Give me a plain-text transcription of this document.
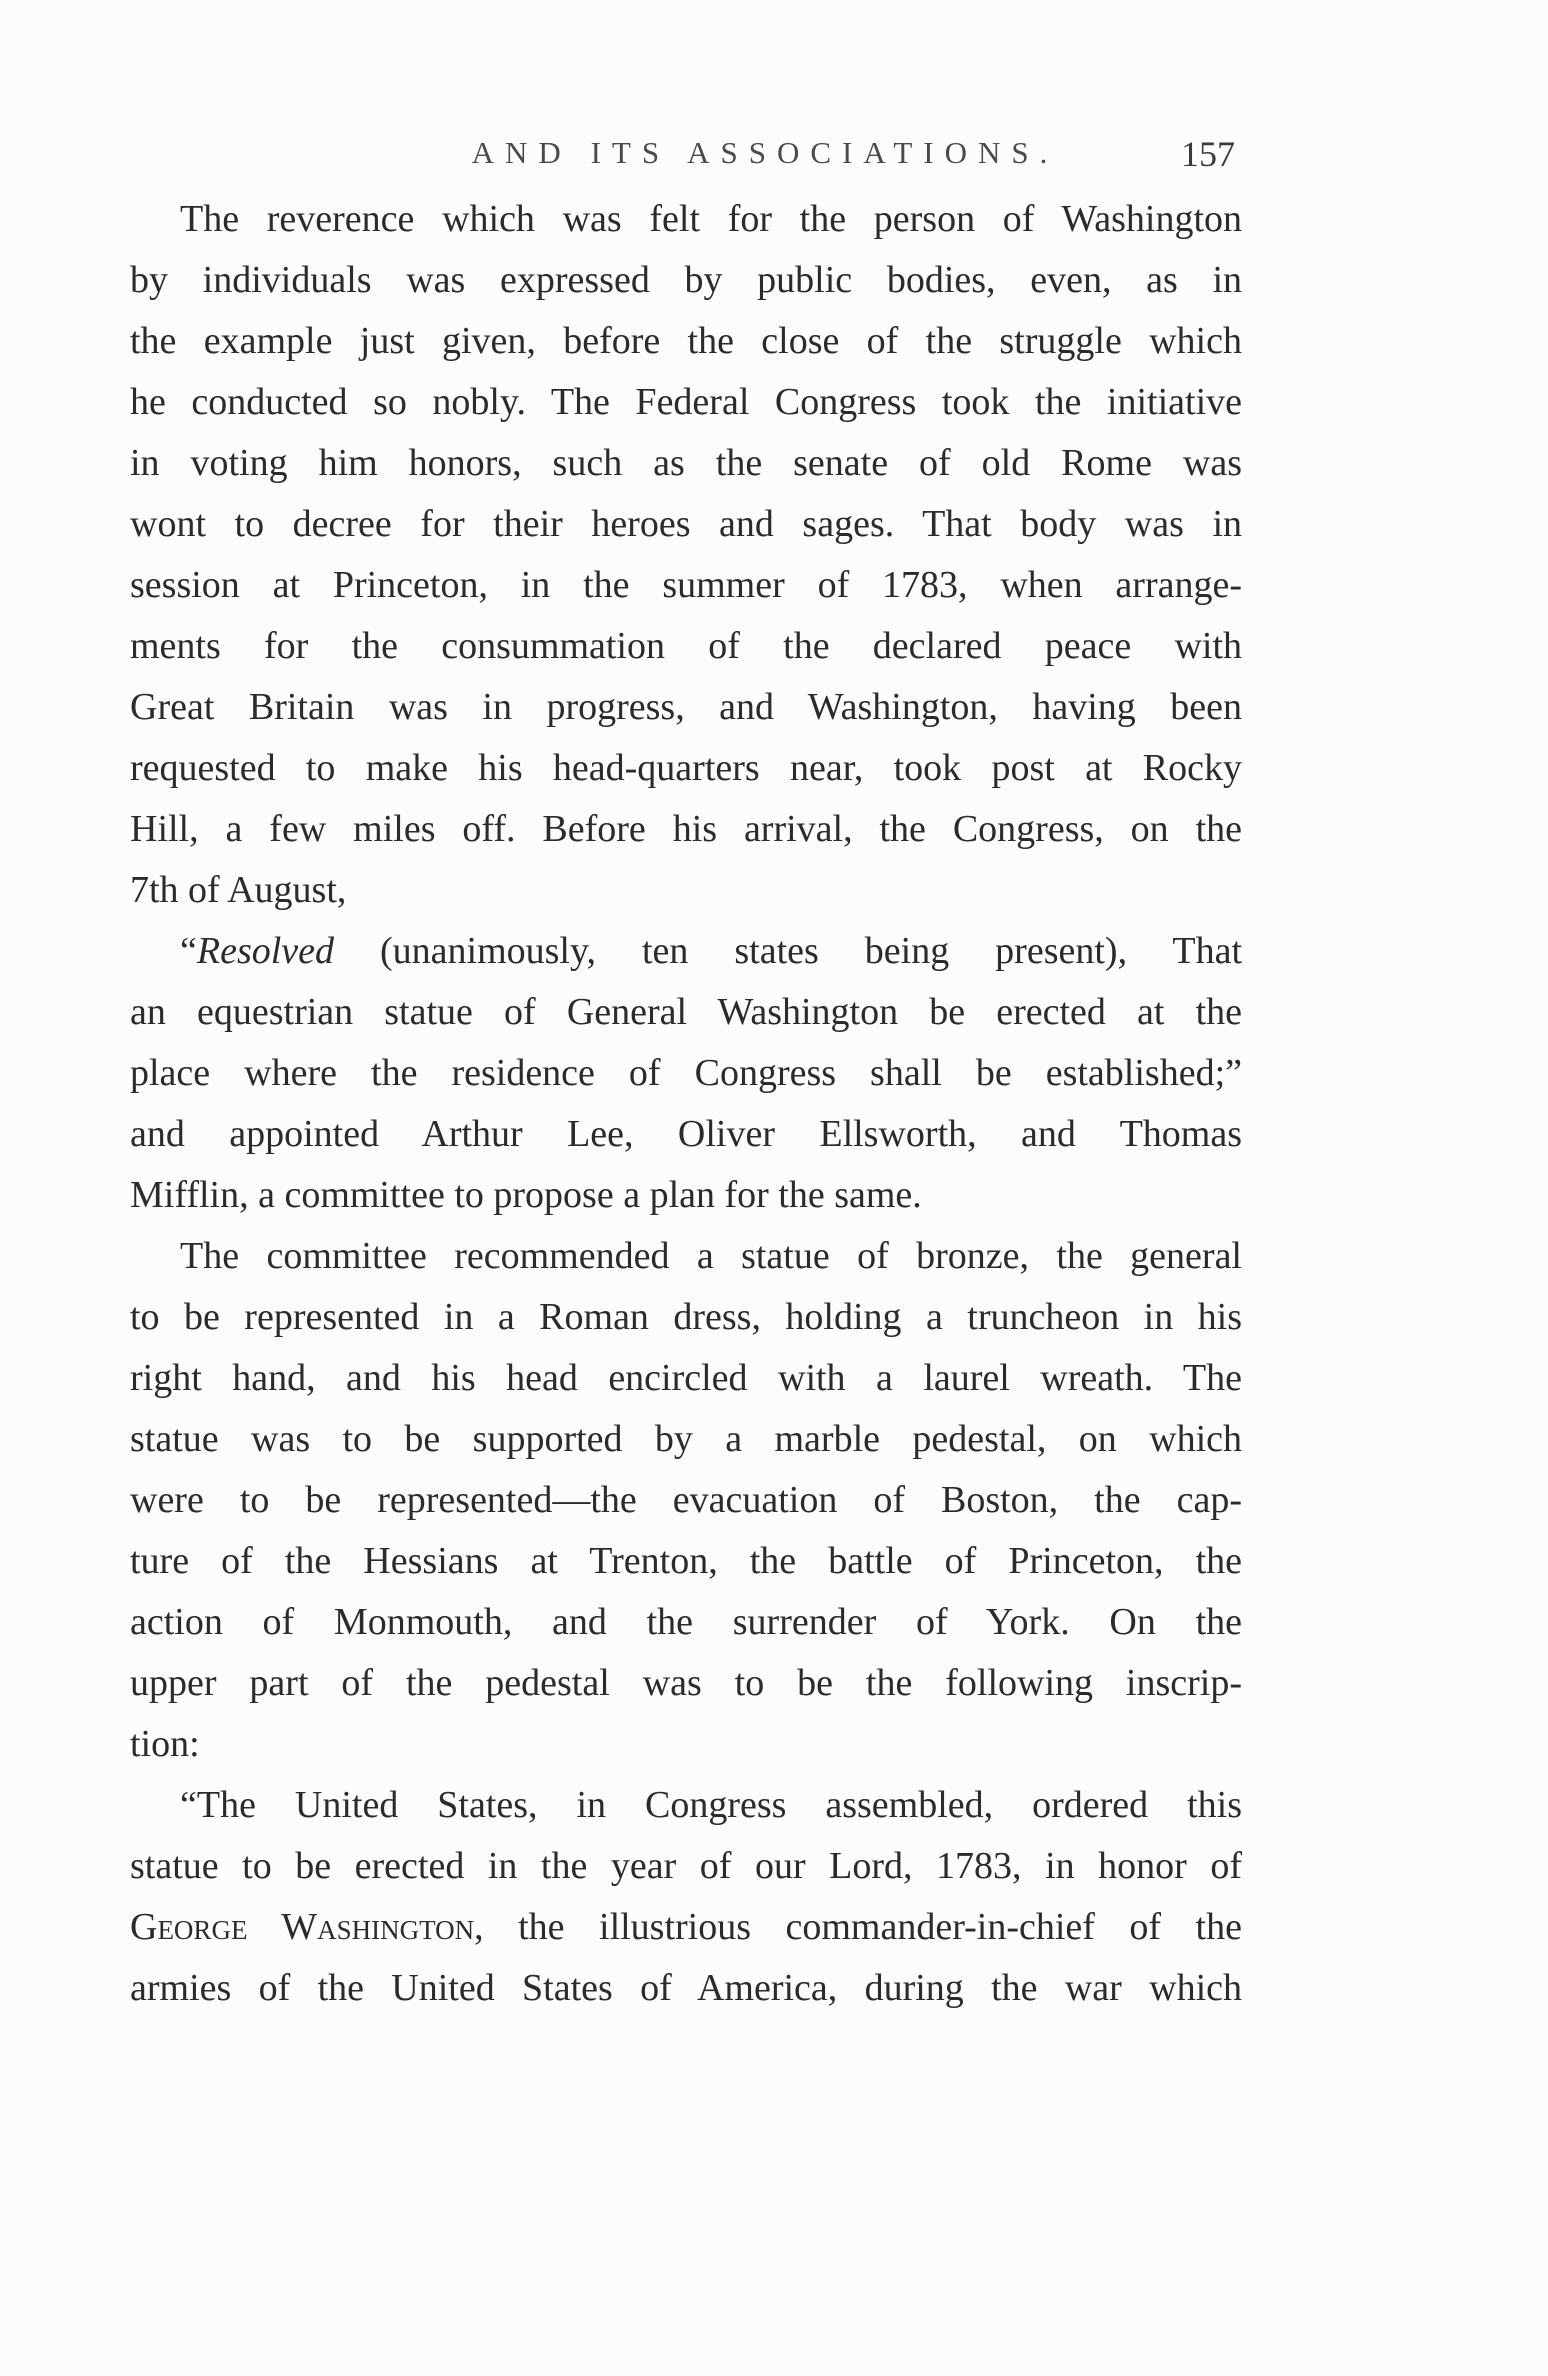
AND ITS ASSOCIATIONS.	157
The reverence which was felt for the person of Washington
by individuals was expressed by public bodies, even, as in
the example just given, before the close of the struggle which
he conducted so nobly. The Federal Congress took the initiative
in voting him honors, such as the senate of old Rome was
wont to decree for their heroes and sages. That body was in
session at Princeton, in the summer of 1783, when arrange-
ments for the consummation of the declared peace with
Great Britain was in progress, and Washington, having been
requested to make his head-quarters near, took post at Rocky
Hill, a few miles off. Before his arrival, the Congress, on the
7th of August,
“Resolved (unanimously, ten states being present), That
an equestrian statue of General Washington be erected at the
place where the residence of Congress shall be established;”
and appointed Arthur Lee, Oliver Ellsworth, and Thomas
Mifflin, a committee to propose a plan for the same.
The committee recommended a statue of bronze, the general
to be represented in a Roman dress, holding a truncheon in his
right hand, and his head encircled with a laurel wreath. The
statue was to be supported by a marble pedestal, on which
were to be represented—the evacuation of Boston, the cap-
ture of the Hessians at Trenton, the battle of Princeton, the
action of Monmouth, and the surrender of York. On the
upper part of the pedestal was to be the following inscrip-
tion:
“The United States, in Congress assembled, ordered this
statue to be erected in the year of our Lord, 1783, in honor of
George Washington, the illustrious commander-in-chief of the
armies of the United States of America, during the war which
